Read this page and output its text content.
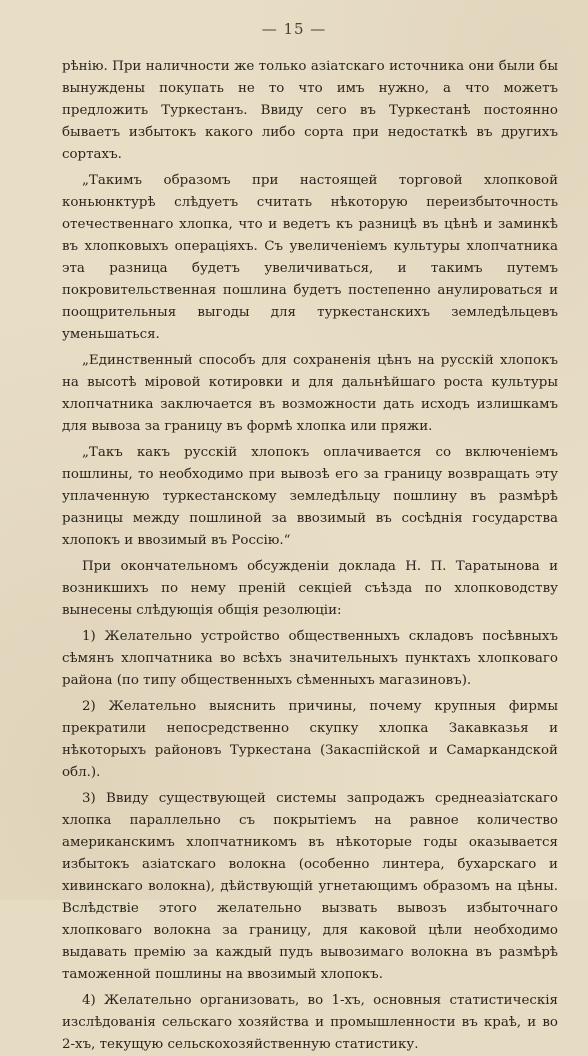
— 15 —

рѣнію. При наличности же только азіатскаго источника они были бы вынуждены покупать не то что имъ нужно, а что можетъ предложить Туркестанъ. Ввиду сего въ Туркестанѣ постоянно бываетъ избытокъ какого либо сорта при недостаткѣ въ другихъ сортахъ.

„Такимъ образомъ при настоящей торговой хлопковой коньюнктурѣ слѣдуетъ считать нѣкоторую переизбыточность отечественнаго хлопка, что и ведетъ къ разницѣ въ цѣнѣ и заминкѣ въ хлопковыхъ операціяхъ. Съ увеличеніемъ культуры хлопчатника эта разница будетъ увеличиваться, и такимъ путемъ покровительственная пошлина будетъ постепенно анулироваться и поощрительныя выгоды для туркестанскихъ земледѣльцевъ уменьшаться.

„Единственный способъ для сохраненія цѣнъ на русскій хлопокъ на высотѣ міровой котировки и для дальнѣйшаго роста культуры хлопчатника заключается въ возможности дать исходъ излишкамъ для вывоза за границу въ формѣ хлопка или пряжи.

„Такъ какъ русскій хлопокъ оплачивается со включеніемъ пошлины, то необходимо при вывозѣ его за границу возвращать эту уплаченную туркестанскому земледѣльцу пошлину въ размѣрѣ разницы между пошлиной за ввозимый въ сосѣднія государства хлопокъ и ввозимый въ Россію.“

При окончательномъ обсужденіи доклада Н. П. Таратынова и возникшихъ по нему преній секціей съѣзда по хлопководству вынесены слѣдующія общія резолюціи:

1) Желательно устройство общественныхъ складовъ посѣвныхъ сѣмянъ хлопчатника во всѣхъ значительныхъ пунктахъ хлопковаго района (по типу общественныхъ сѣменныхъ магазиновъ).

2) Желательно выяснить причины, почему крупныя фирмы прекратили непосредственно скупку хлопка Закавказья и нѣкоторыхъ районовъ Туркестана (Закаспійской и Самаркандской обл.).

3) Ввиду существующей системы запродажъ среднеазіатскаго хлопка параллельно съ покрытіемъ на равное количество американскимъ хлопчатникомъ въ нѣкоторые годы оказывается избытокъ азіатскаго волокна (особенно линтера, бухарскаго и хивинскаго волокна), дѣйствующій угнетающимъ образомъ на цѣны. Вслѣдствіе этого желательно вызвать вывозъ избыточнаго хлопковаго волокна за границу, для каковой цѣли необходимо выдавать премію за каждый пудъ вывозимаго волокна въ размѣрѣ таможенной пошлины на ввозимый хлопокъ.

4) Желательно организовать, во 1-хъ, основныя статистическія изслѣдованія сельскаго хозяйства и промышленности въ краѣ, и во 2-хъ, текущую сельскохозяйственную статистику.
